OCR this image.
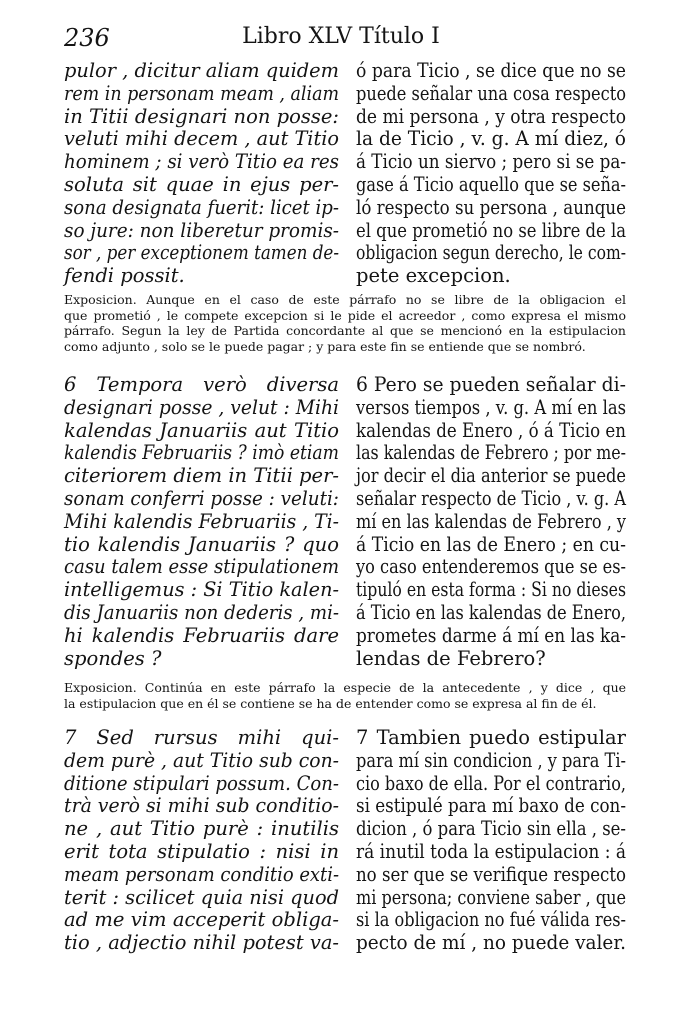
236	Libro XLV Título I
pulor , dicitur aliam quidem
rem in personam meam , aliam
in Titii designari non posse:
veluti mihi decem , aut Titio
hominem ; si verò Titio ea res
soluta sit quae in ejus per-
sona designata fuerit: licet ip-
so jure: non liberetur promis-
sor , per exceptionem tamen de-
fendi possit.
ó para Ticio , se dice que no se
puede señalar una cosa respecto
de mi persona , y otra respecto
la de Ticio , v. g. A mí diez, ó
á Ticio un siervo ; pero si se pa-
gase á Ticio aquello que se seña-
ló respecto su persona , aunque
el que prometió no se libre de la
obligacion segun derecho, le com-
pete excepcion.
Exposicion. Aunque en el caso de este párrafo no se libre de la obligacion el
que prometió , le compete excepcion si le pide el acreedor , como expresa el mismo
párrafo. Segun la ley de Partida concordante al que se mencionó en la estipulacion
como adjunto , solo se le puede pagar ; y para este fin se entiende que se nombró.
6 Tempora verò diversa
designari posse , velut : Mihi
kalendas Januariis aut Titio
kalendis Februariis ? imò etiam
citeriorem diem in Titii per-
sonam conferri posse : veluti:
Mihi kalendis Februariis , Ti-
tio kalendis Januariis ? quo
casu talem esse stipulationem
intelligemus : Si Titio kalen-
dis Januariis non dederis , mi-
hi kalendis Februariis dare
spondes ?
6 Pero se pueden señalar di-
versos tiempos , v. g. A mí en las
kalendas de Enero , ó á Ticio en
las kalendas de Febrero ; por me-
jor decir el dia anterior se puede
señalar respecto de Ticio , v. g. A
mí en las kalendas de Febrero , y
á Ticio en las de Enero ; en cu-
yo caso entenderemos que se es-
tipuló en esta forma : Si no dieses
á Ticio en las kalendas de Enero,
prometes darme á mí en las ka-
lendas de Febrero?
Exposicion. Continúa en este párrafo la especie de la antecedente , y dice , que
la estipulacion que en él se contiene se ha de entender como se expresa al fin de él.
7 Sed rursus mihi qui-
dem purè , aut Titio sub con-
ditione stipulari possum. Con-
trà verò si mihi sub conditio-
ne , aut Titio purè : inutilis
erit tota stipulatio : nisi in
meam personam conditio exti-
terit : scilicet quia nisi quod
ad me vim acceperit obliga-
tio , adjectio nihil potest va-
7 Tambien puedo estipular
para mí sin condicion , y para Ti-
cio baxo de ella. Por el contrario,
si estipulé para mí baxo de con-
dicion , ó para Ticio sin ella , se-
rá inutil toda la estipulacion : á
no ser que se verifique respecto
mi persona; conviene saber , que
si la obligacion no fué válida res-
pecto de mí , no puede valer.
